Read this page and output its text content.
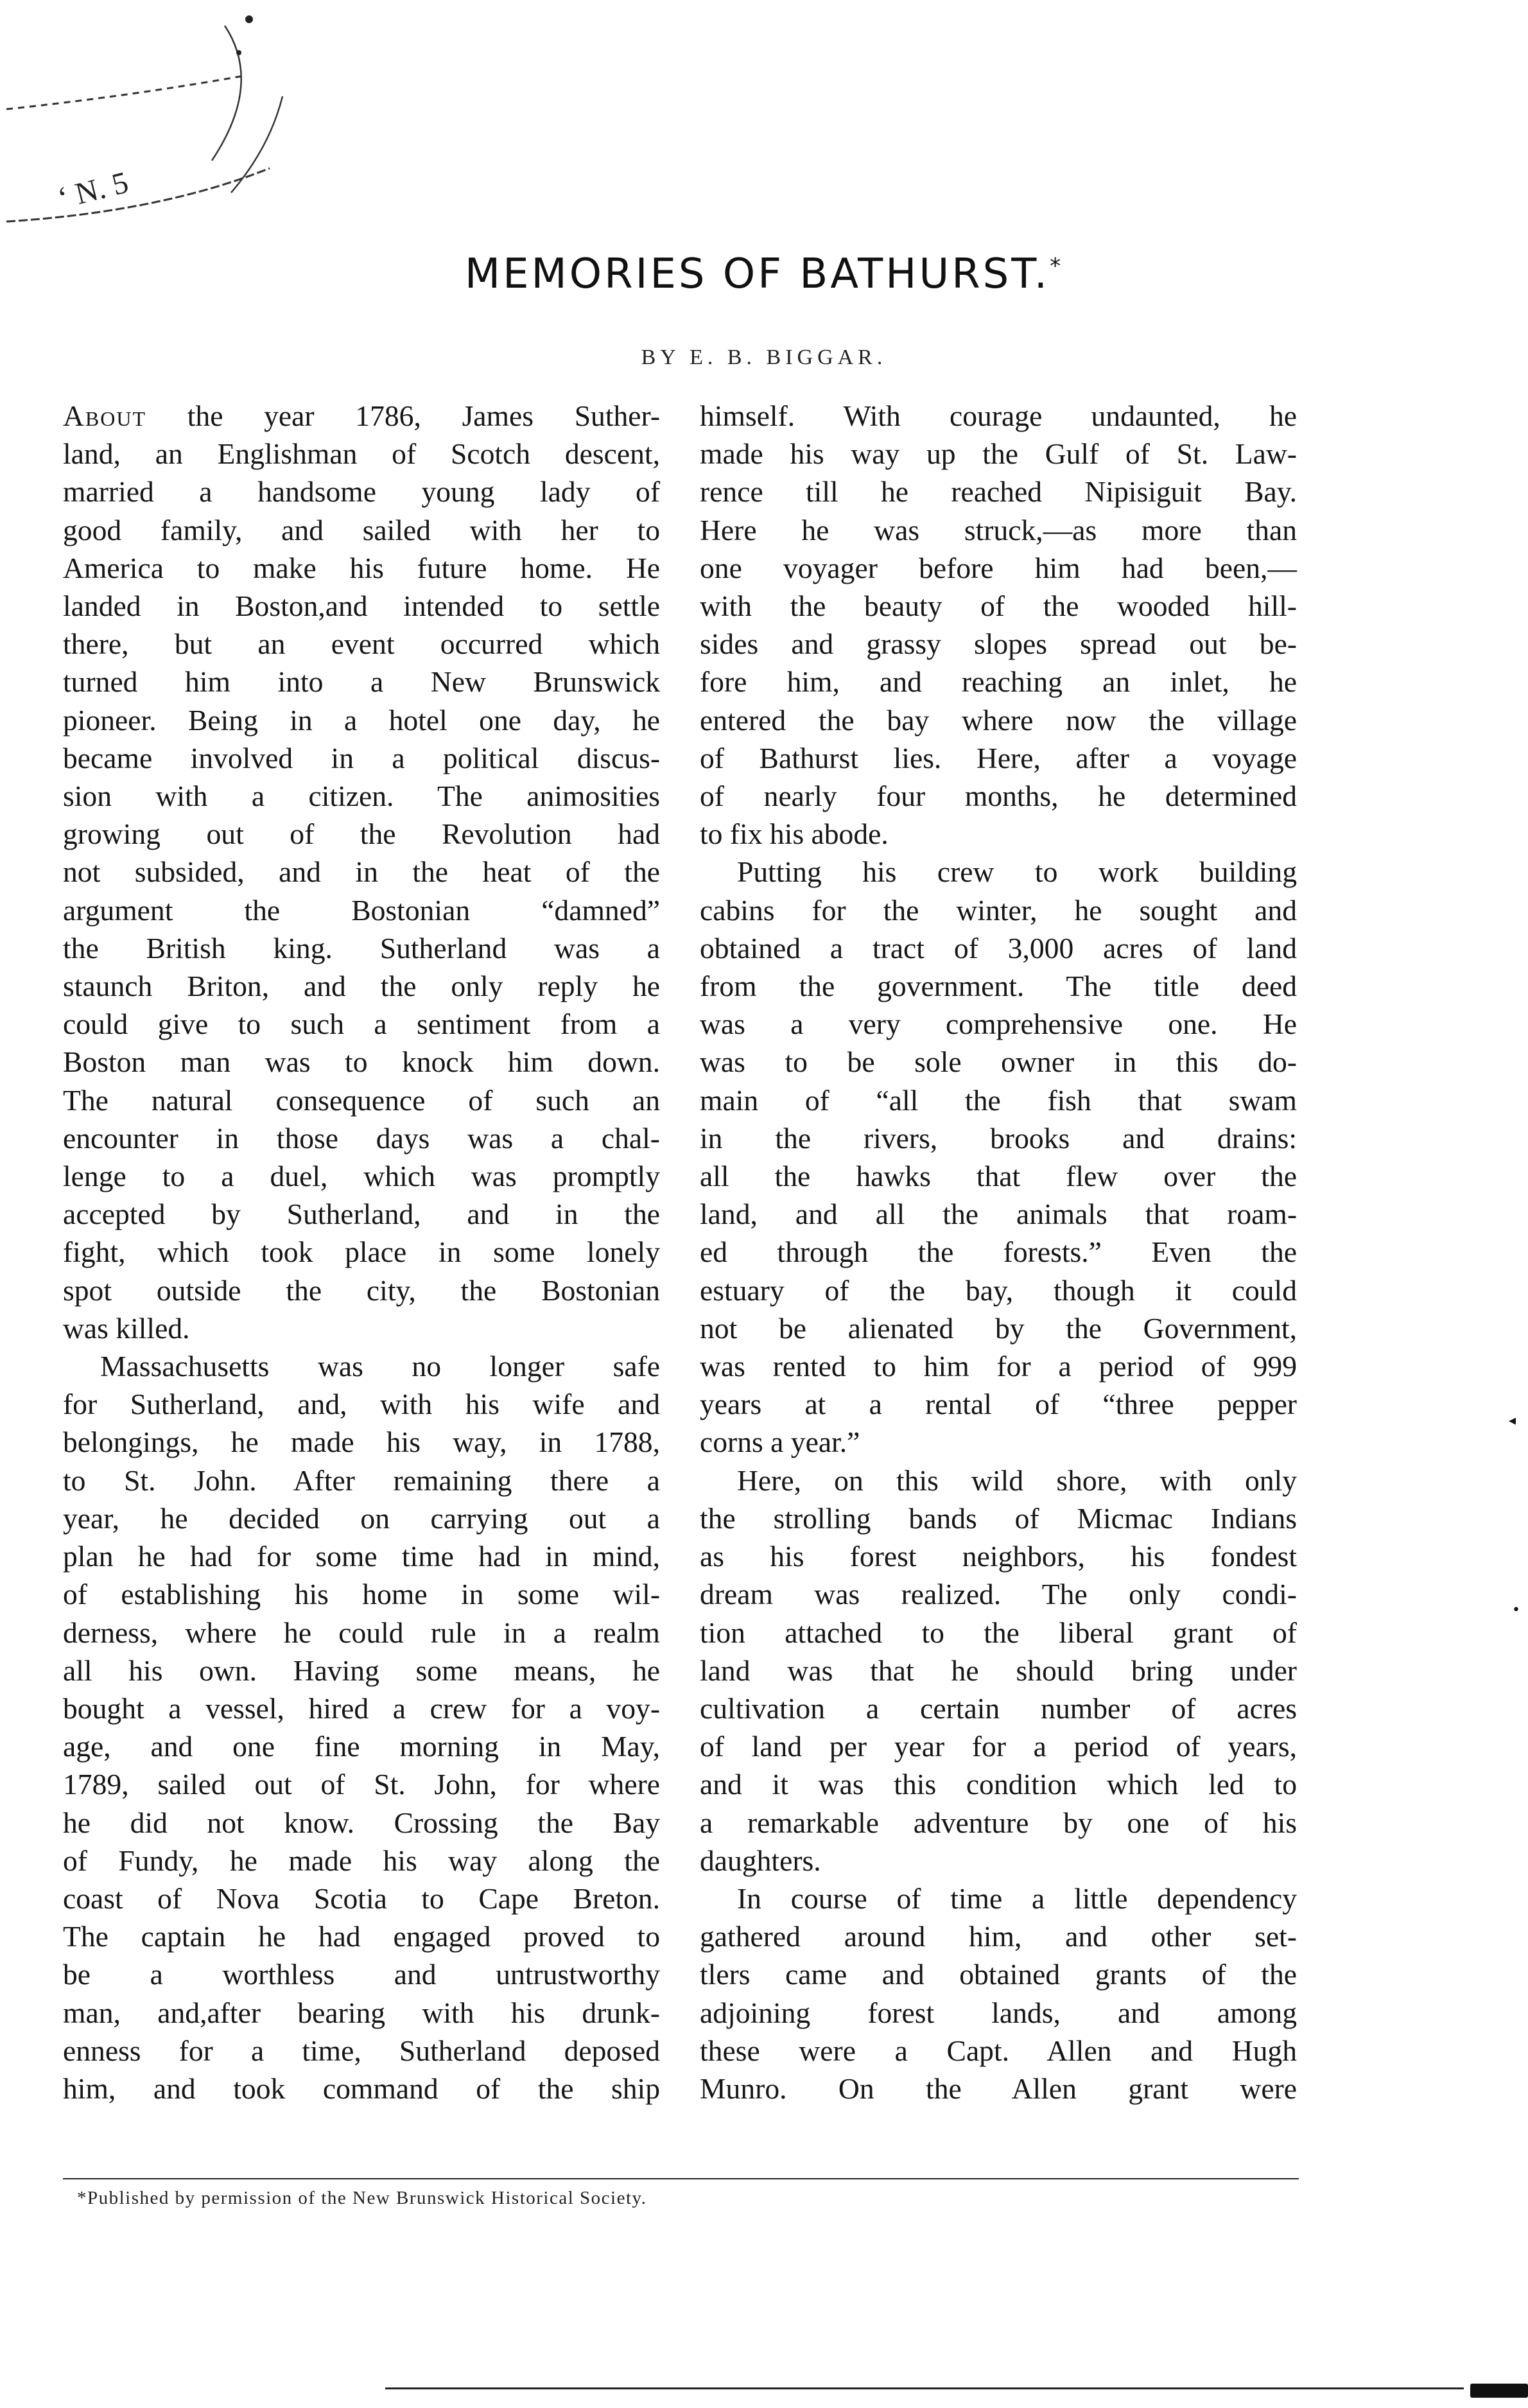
‘ N. 5
MEMORIES OF BATHURST.*
BY E. B. BIGGAR.
About the year 1786, James Suther-
land, an Englishman of Scotch descent,
married a handsome young lady of
good family, and sailed with her to
America to make his future home. He
landed in Boston,and intended to settle
there, but an event occurred which
turned him into a New Brunswick
pioneer. Being in a hotel one day, he
became involved in a political discus-
sion with a citizen. The animosities
growing out of the Revolution had
not subsided, and in the heat of the
argument the Bostonian “damned”
the British king. Sutherland was a
staunch Briton, and the only reply he
could give to such a sentiment from a
Boston man was to knock him down.
The natural consequence of such an
encounter in those days was a chal-
lenge to a duel, which was promptly
accepted by Sutherland, and in the
fight, which took place in some lonely
spot outside the city, the Bostonian
was killed.
Massachusetts was no longer safe
for Sutherland, and, with his wife and
belongings, he made his way, in 1788,
to St. John. After remaining there a
year, he decided on carrying out a
plan he had for some time had in mind,
of establishing his home in some wil-
derness, where he could rule in a realm
all his own. Having some means, he
bought a vessel, hired a crew for a voy-
age, and one fine morning in May,
1789, sailed out of St. John, for where
he did not know. Crossing the Bay
of Fundy, he made his way along the
coast of Nova Scotia to Cape Breton.
The captain he had engaged proved to
be a worthless and untrustworthy
man, and,after bearing with his drunk-
enness for a time, Sutherland deposed
him, and took command of the ship
himself. With courage undaunted, he
made his way up the Gulf of St. Law-
rence till he reached Nipisiguit Bay.
Here he was struck,—as more than
one voyager before him had been,—
with the beauty of the wooded hill-
sides and grassy slopes spread out be-
fore him, and reaching an inlet, he
entered the bay where now the village
of Bathurst lies. Here, after a voyage
of nearly four months, he determined
to fix his abode.
Putting his crew to work building
cabins for the winter, he sought and
obtained a tract of 3,000 acres of land
from the government. The title deed
was a very comprehensive one. He
was to be sole owner in this do-
main of “all the fish that swam
in the rivers, brooks and drains:
all the hawks that flew over the
land, and all the animals that roam-
ed through the forests.” Even the
estuary of the bay, though it could
not be alienated by the Government,
was rented to him for a period of 999
years at a rental of “three pepper
corns a year.”
Here, on this wild shore, with only
the strolling bands of Micmac Indians
as his forest neighbors, his fondest
dream was realized. The only condi-
tion attached to the liberal grant of
land was that he should bring under
cultivation a certain number of acres
of land per year for a period of years,
and it was this condition which led to
a remarkable adventure by one of his
daughters.
In course of time a little dependency
gathered around him, and other set-
tlers came and obtained grants of the
adjoining forest lands, and among
these were a Capt. Allen and Hugh
Munro. On the Allen grant were
*Published by permission of the New Brunswick Historical Society.
◂
•
